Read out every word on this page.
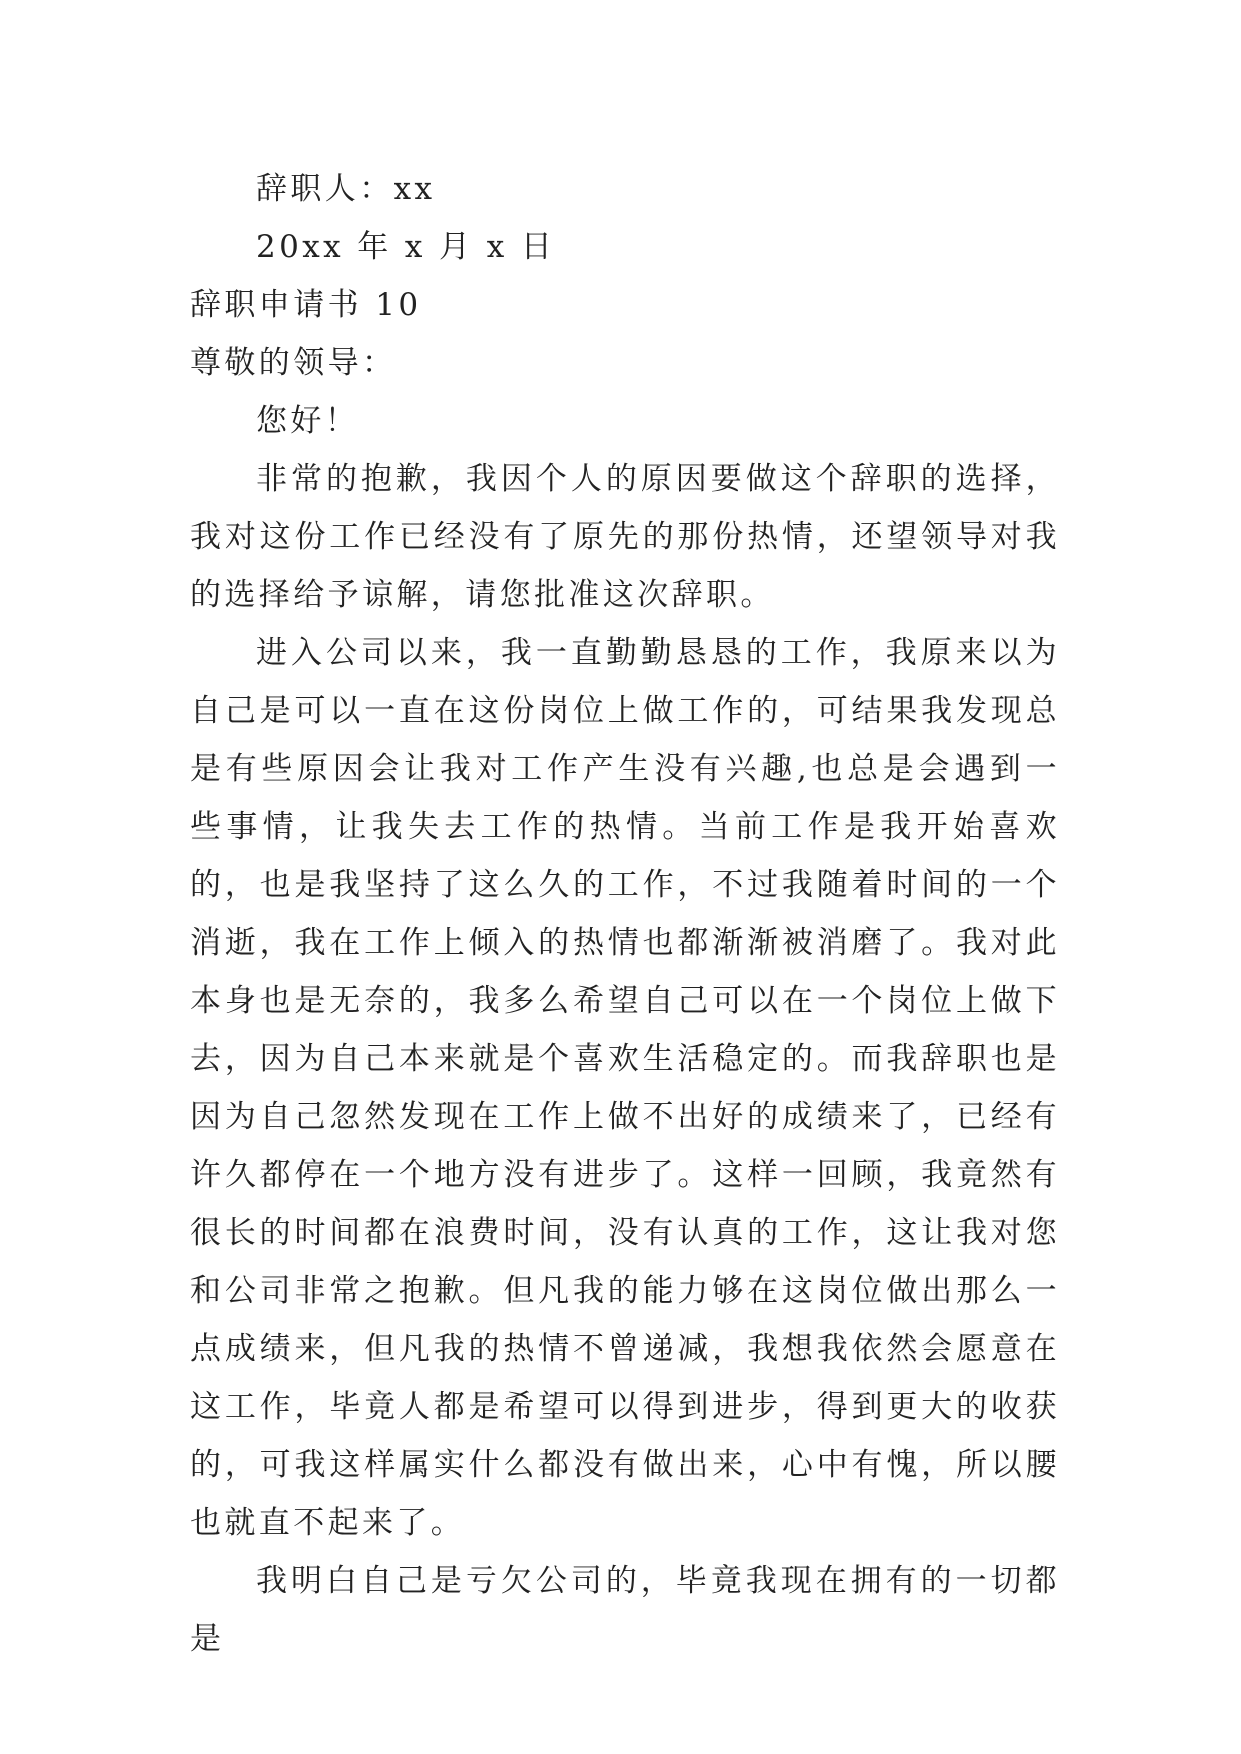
辞职人：xx

20xx 年 x 月 x 日

辞职申请书 10

尊敬的领导：

您好！

非常的抱歉，我因个人的原因要做这个辞职的选择，我对这份工作已经没有了原先的那份热情，还望领导对我的选择给予谅解，请您批准这次辞职。

进入公司以来，我一直勤勤恳恳的工作，我原来以为自己是可以一直在这份岗位上做工作的，可结果我发现总是有些原因会让我对工作产生没有兴趣,也总是会遇到一些事情，让我失去工作的热情。当前工作是我开始喜欢的，也是我坚持了这么久的工作，不过我随着时间的一个消逝，我在工作上倾入的热情也都渐渐被消磨了。我对此本身也是无奈的，我多么希望自己可以在一个岗位上做下去，因为自己本来就是个喜欢生活稳定的。而我辞职也是因为自己忽然发现在工作上做不出好的成绩来了，已经有许久都停在一个地方没有进步了。这样一回顾，我竟然有很长的时间都在浪费时间，没有认真的工作，这让我对您和公司非常之抱歉。但凡我的能力够在这岗位做出那么一点成绩来，但凡我的热情不曾递减，我想我依然会愿意在这工作，毕竟人都是希望可以得到进步，得到更大的收获的，可我这样属实什么都没有做出来，心中有愧，所以腰也就直不起来了。

我明白自己是亏欠公司的，毕竟我现在拥有的一切都是
